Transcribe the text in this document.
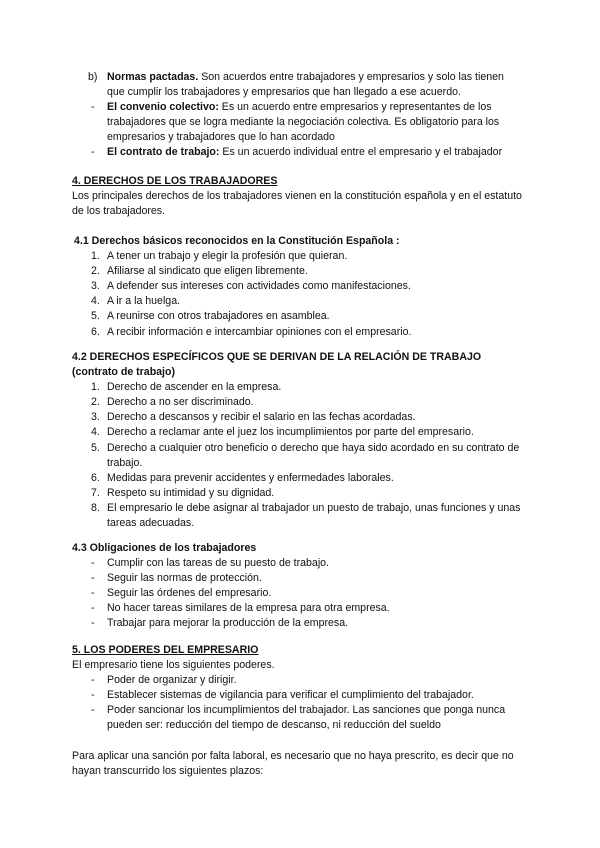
b) Normas pactadas. Son acuerdos entre trabajadores y empresarios y solo las tienen que cumplir los trabajadores y empresarios que han llegado a ese acuerdo.
- El convenio colectivo: Es un acuerdo entre empresarios y representantes de los trabajadores que se logra mediante la negociación colectiva. Es obligatorio para los empresarios y trabajadores que lo han acordado
- El contrato de trabajo: Es un acuerdo individual entre el empresario y el trabajador

4. DERECHOS DE LOS TRABAJADORES

Los principales derechos de los trabajadores vienen en la constitución española y en el estatuto de los trabajadores.

4.1 Derechos básicos reconocidos en la Constitución Española :

1. A tener un trabajo y elegir la profesión que quieran.
2. Afiliarse al sindicato que eligen libremente.
3. A defender sus intereses con actividades como manifestaciones.
4. A ir a la huelga.
5. A reunirse con otros trabajadores en asamblea.
6. A recibir información e intercambiar opiniones con el empresario.

4.2 DERECHOS ESPECÍFICOS QUE SE DERIVAN DE LA RELACIÓN DE TRABAJO

(contrato de trabajo)

1. Derecho de ascender en la empresa.
2. Derecho a no ser discriminado.
3. Derecho a descansos y recibir el salario en las fechas acordadas.
4. Derecho a reclamar ante el juez los incumplimientos por parte del empresario.
5. Derecho a cualquier otro beneficio o derecho que haya sido acordado en su contrato de trabajo.
6. Medidas para prevenir accidentes y enfermedades laborales.
7. Respeto su intimidad y su dignidad.
8. El empresario le debe asignar al trabajador un puesto de trabajo, unas funciones y unas tareas adecuadas.

4.3 Obligaciones de los trabajadores

- Cumplir con las tareas de su puesto de trabajo.
- Seguir las normas de protección.
- Seguir las órdenes del empresario.
- No hacer tareas similares de la empresa para otra empresa.
- Trabajar para mejorar la producción de la empresa.

5. LOS PODERES DEL EMPRESARIO

El empresario tiene los siguientes poderes.

- Poder de organizar y dirigir.
- Establecer sistemas de vigilancia para verificar el cumplimiento del trabajador.
- Poder sancionar los incumplimientos del trabajador. Las sanciones que ponga nunca pueden ser: reducción del tiempo de descanso, ni reducción del sueldo

Para aplicar una sanción por falta laboral, es necesario que no haya prescrito, es decir que no hayan transcurrido los siguientes plazos:
